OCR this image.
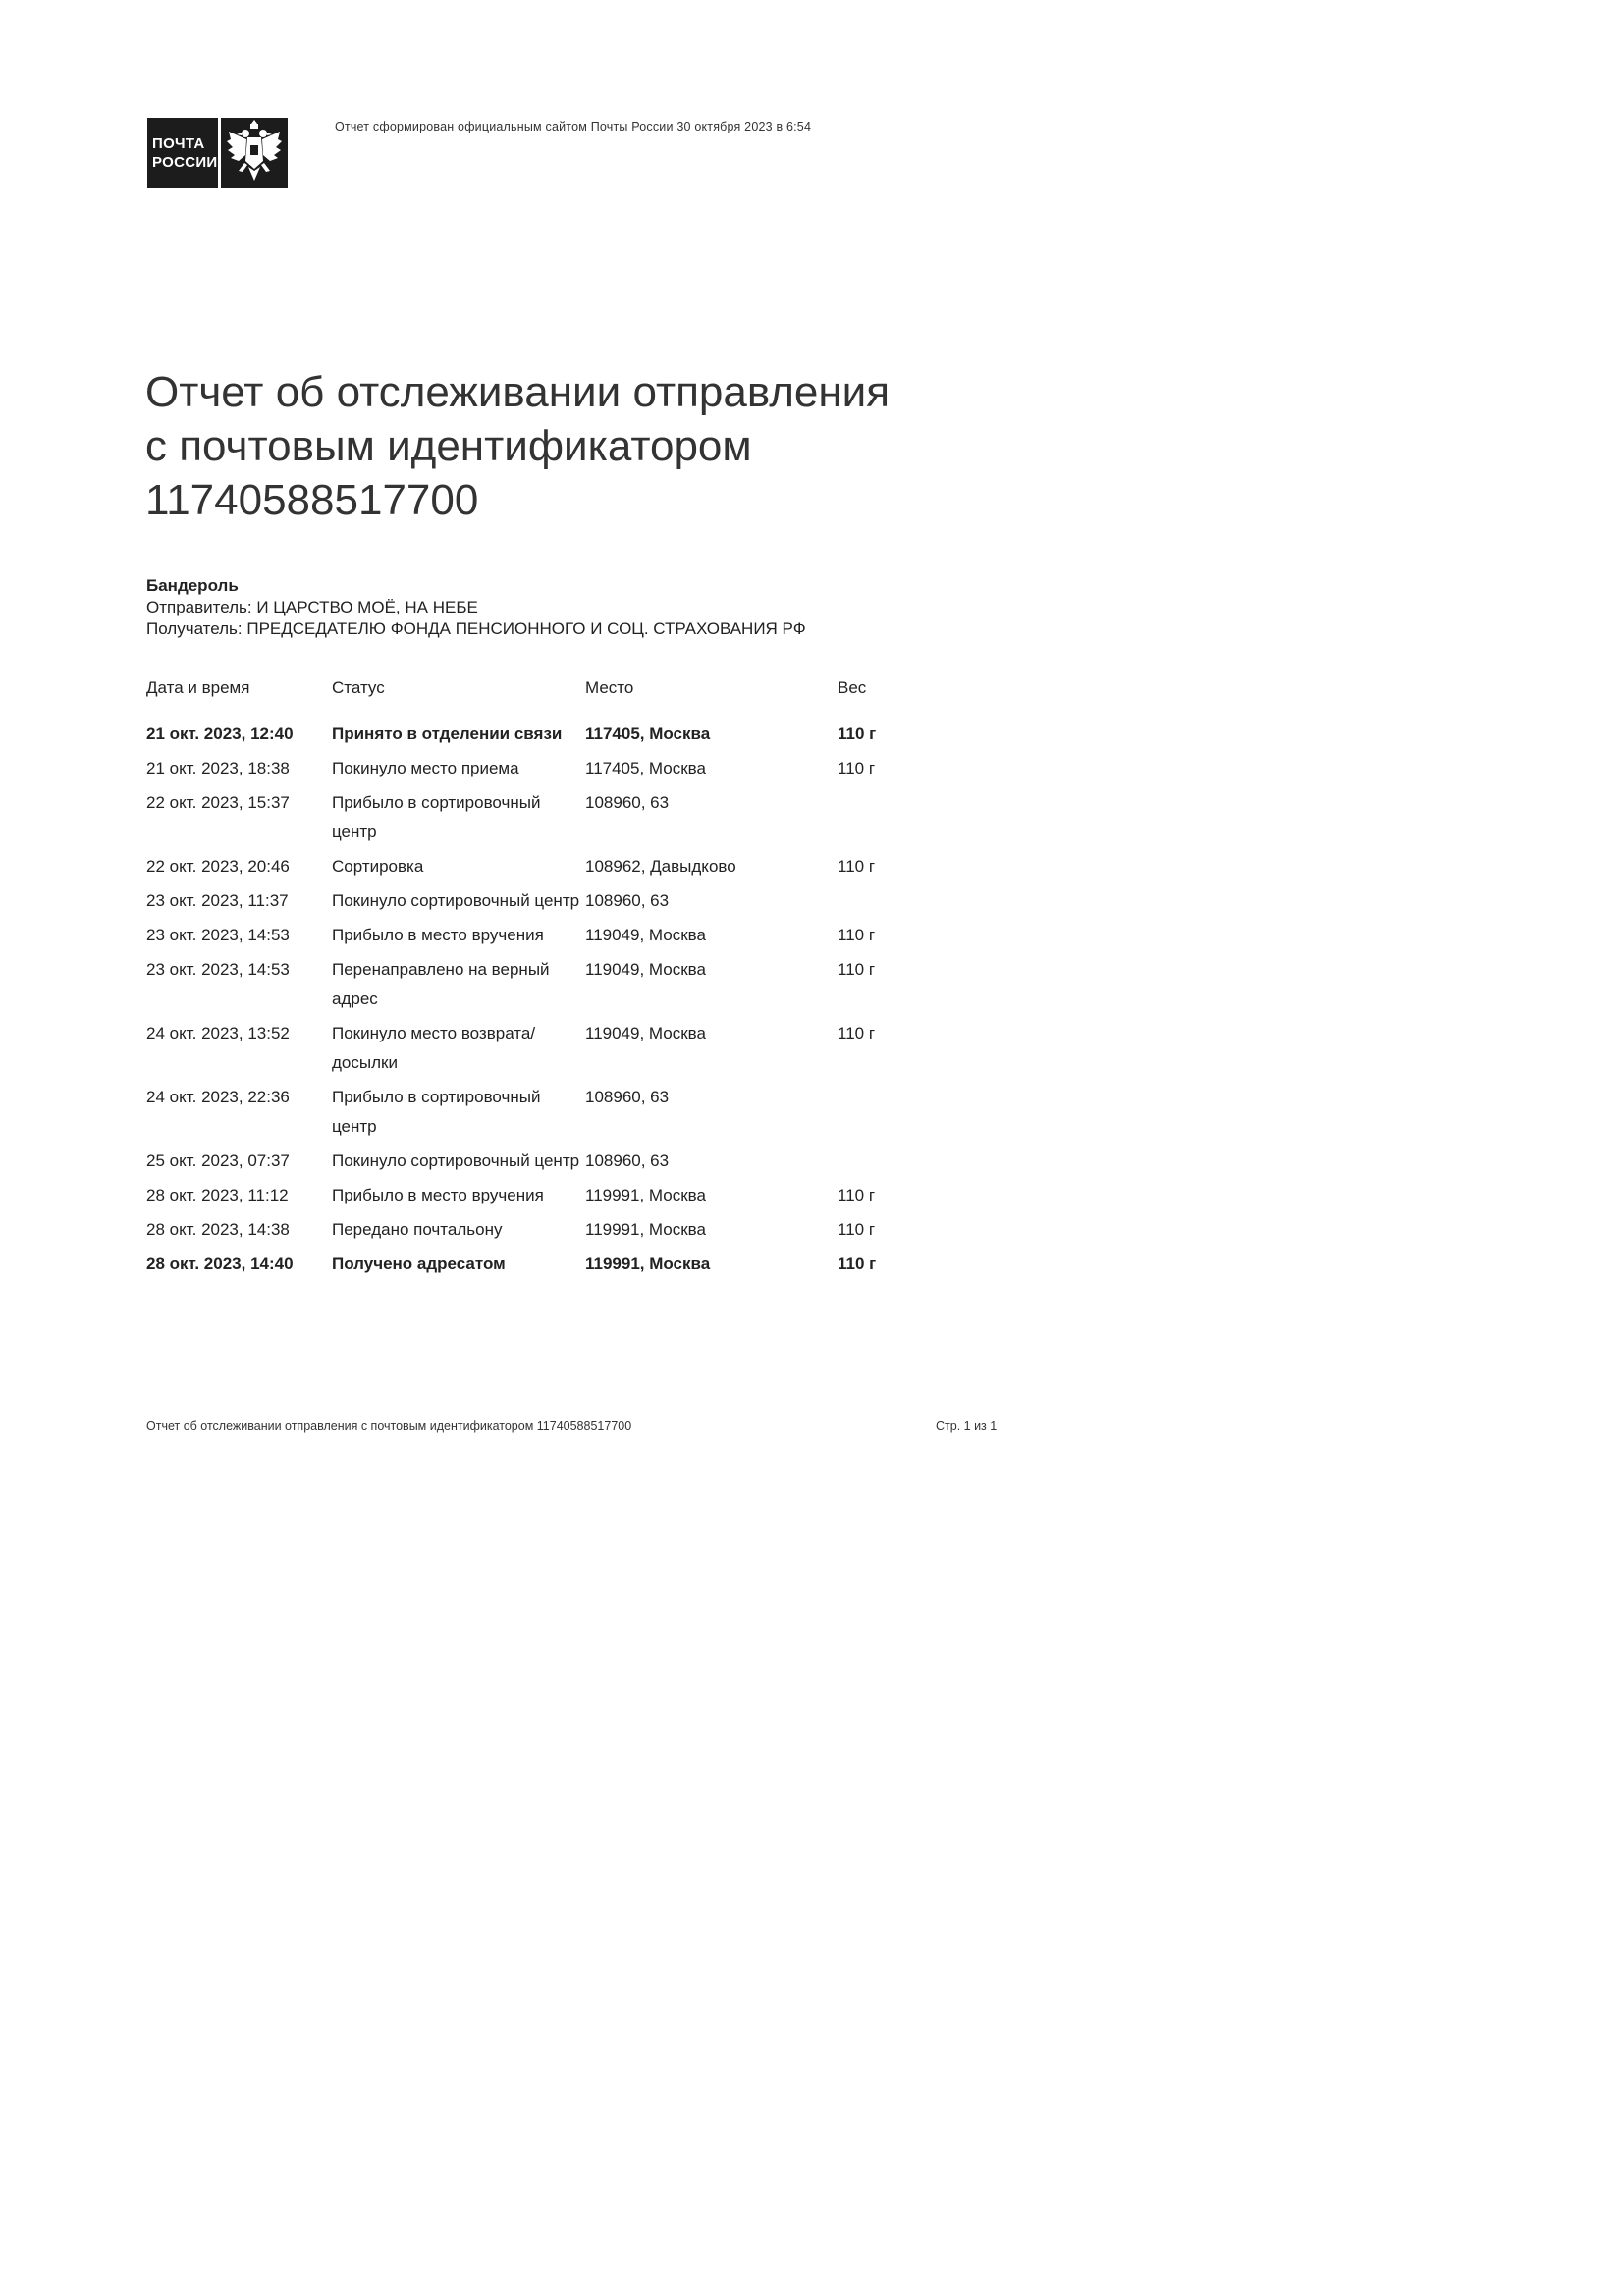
ПОЧТА
РОССИИ
Отчет сформирован официальным сайтом Почты России 30 октября 2023 в 6:54
Отчет об отслеживании отправления
с почтовым идентификатором
11740588517700
Бандероль
Отправитель: И ЦАРСТВО МОЁ, НА НЕБЕ
Получатель: ПРЕДСЕДАТЕЛЮ ФОНДА ПЕНСИОННОГО И СОЦ. СТРАХОВАНИЯ РФ
Дата и время	Статус	Место	Вес
21 окт. 2023, 12:40	Принято в отделении связи	117405, Москва	110 г
21 окт. 2023, 18:38	Покинуло место приема	117405, Москва	110 г
22 окт. 2023, 15:37	Прибыло в сортировочный центр	108960, 63	
22 окт. 2023, 20:46	Сортировка	108962, Давыдково	110 г
23 окт. 2023, 11:37	Покинуло сортировочный центр	108960, 63	
23 окт. 2023, 14:53	Прибыло в место вручения	119049, Москва	110 г
23 окт. 2023, 14:53	Перенаправлено на верный адрес	119049, Москва	110 г
24 окт. 2023, 13:52	Покинуло место возврата/ досылки	119049, Москва	110 г
24 окт. 2023, 22:36	Прибыло в сортировочный центр	108960, 63	
25 окт. 2023, 07:37	Покинуло сортировочный центр	108960, 63	
28 окт. 2023, 11:12	Прибыло в место вручения	119991, Москва	110 г
28 окт. 2023, 14:38	Передано почтальону	119991, Москва	110 г
28 окт. 2023, 14:40	Получено адресатом	119991, Москва	110 г
Отчет об отслеживании отправления с почтовым идентификатором 11740588517700	Стр. 1 из 1
